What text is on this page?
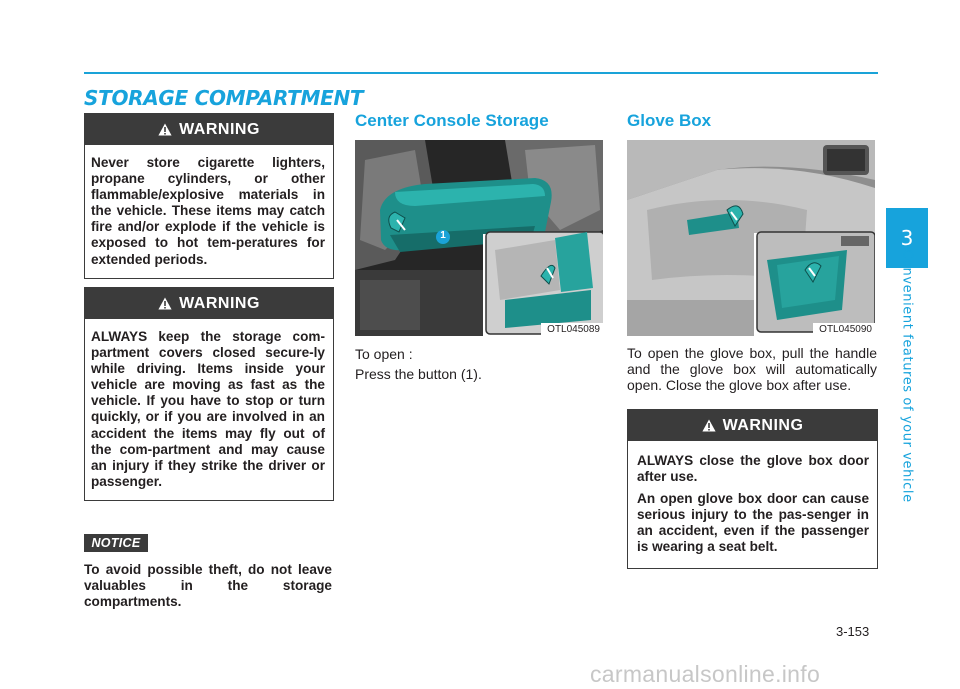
STORAGE COMPARTMENT
WARNING

Never store cigarette lighters, propane cylinders, or other flammable/explosive materials in the vehicle. These items may catch fire and/or explode if the vehicle is exposed to hot tem-peratures for extended periods.

WARNING

ALWAYS keep the storage com-partment covers closed secure-ly while driving. Items inside your vehicle are moving as fast as the vehicle. If you have to stop or turn quickly, or if you are involved in an accident the items may fly out of the com-partment and may cause an injury if they strike the driver or passenger.

NOTICE

To avoid possible theft, do not leave valuables in the storage compartments.

Center Console Storage
1
OTL045089

To open :

Press the button (1).

Glove Box
OTL045090

To open the glove box, pull the handle and the glove box will automatically open. Close the glove box after use.

WARNING

ALWAYS close the glove box door after use.

An open glove box door can cause serious injury to the pas-senger in an accident, even if the passenger is wearing a seat belt.

3
Convenient features of your vehicle

3-153

carmanualsonline.info
